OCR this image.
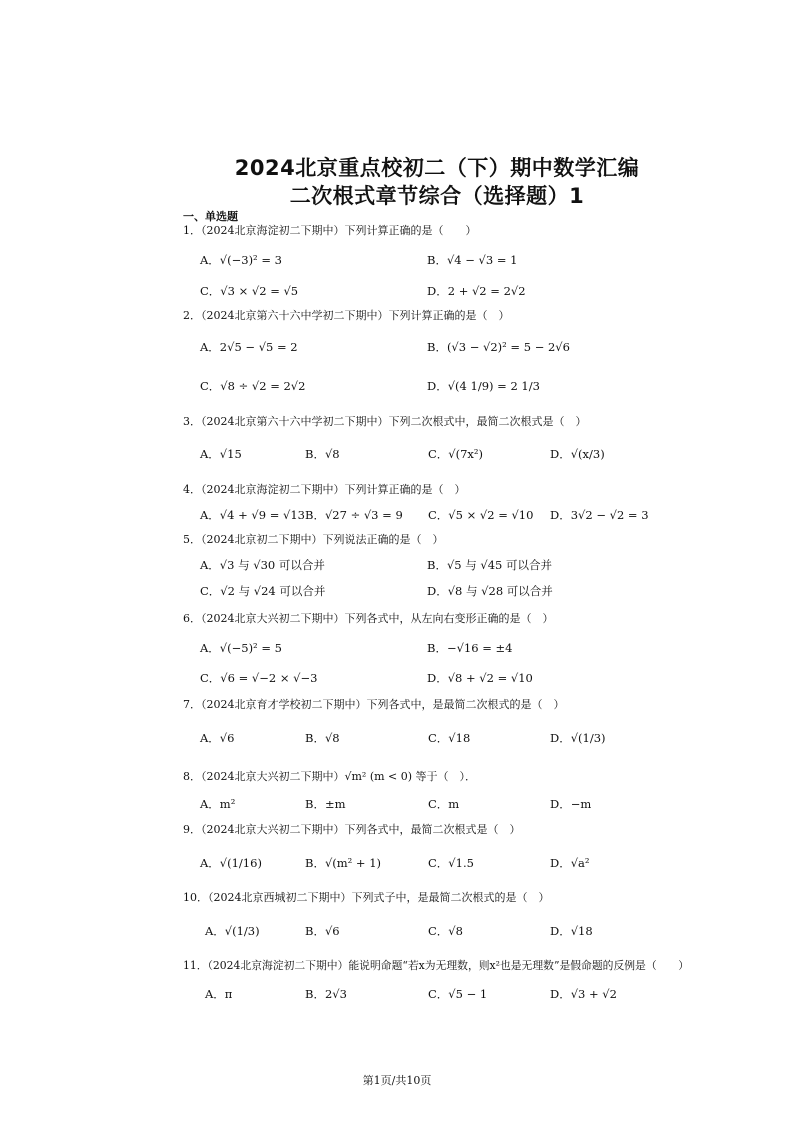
2024北京重点校初二（下）期中数学汇编
二次根式章节综合（选择题）1
一、单选题
1．（2024北京海淀初二下期中）下列计算正确的是（　　）
A．√(−3)² = 3	B．√4 − √3 = 1
C．√3 × √2 = √5	D．2 + √2 = 2√2
2．（2024北京第六十六中学初二下期中）下列计算正确的是（　）
A．2√5 − √5 = 2	B．(√3 − √2)² = 5 − 2√6
C．√8 ÷ √2 = 2√2	D．√(4 1/9) = 2 1/3
3．（2024北京第六十六中学初二下期中）下列二次根式中，最简二次根式是（　）
A．√15	B．√8	C．√(7x²)	D．√(x/3)
4．（2024北京海淀初二下期中）下列计算正确的是（　）
A．√4 + √9 = √13 B．√27 ÷ √3 = 9 C．√5 × √2 = √10 D．3√2 − √2 = 3
5．（2024北京初二下期中）下列说法正确的是（　）
A．√3 与 √30 可以合并	B．√5 与 √45 可以合并
C．√2 与 √24 可以合并	D．√8 与 √28 可以合并
6．（2024北京大兴初二下期中）下列各式中，从左向右变形正确的是（　）
A．√(−5)² = 5	B．−√16 = ±4
C．√6 = √−2 × √−3	D．√8 + √2 = √10
7．（2024北京育才学校初二下期中）下列各式中，是最简二次根式的是（　）
A．√6	B．√8	C．√18	D．√(1/3)
8．（2024北京大兴初二下期中）√m² (m < 0) 等于（　）．
A．m²	B．±m	C．m	D．−m
9．（2024北京大兴初二下期中）下列各式中，最简二次根式是（　）
A．√(1/16)	B．√(m² + 1)	C．√1.5	D．√a²
10．（2024北京西城初二下期中）下列式子中，是最简二次根式的是（　）
A．√(1/3)	B．√6	C．√8	D．√18
11．（2024北京海淀初二下期中）能说明命题“若x为无理数，则x²也是无理数”是假命题的反例是（　　）
A．π	B．2√3	C．√5 − 1	D．√3 + √2
第1页/共10页
